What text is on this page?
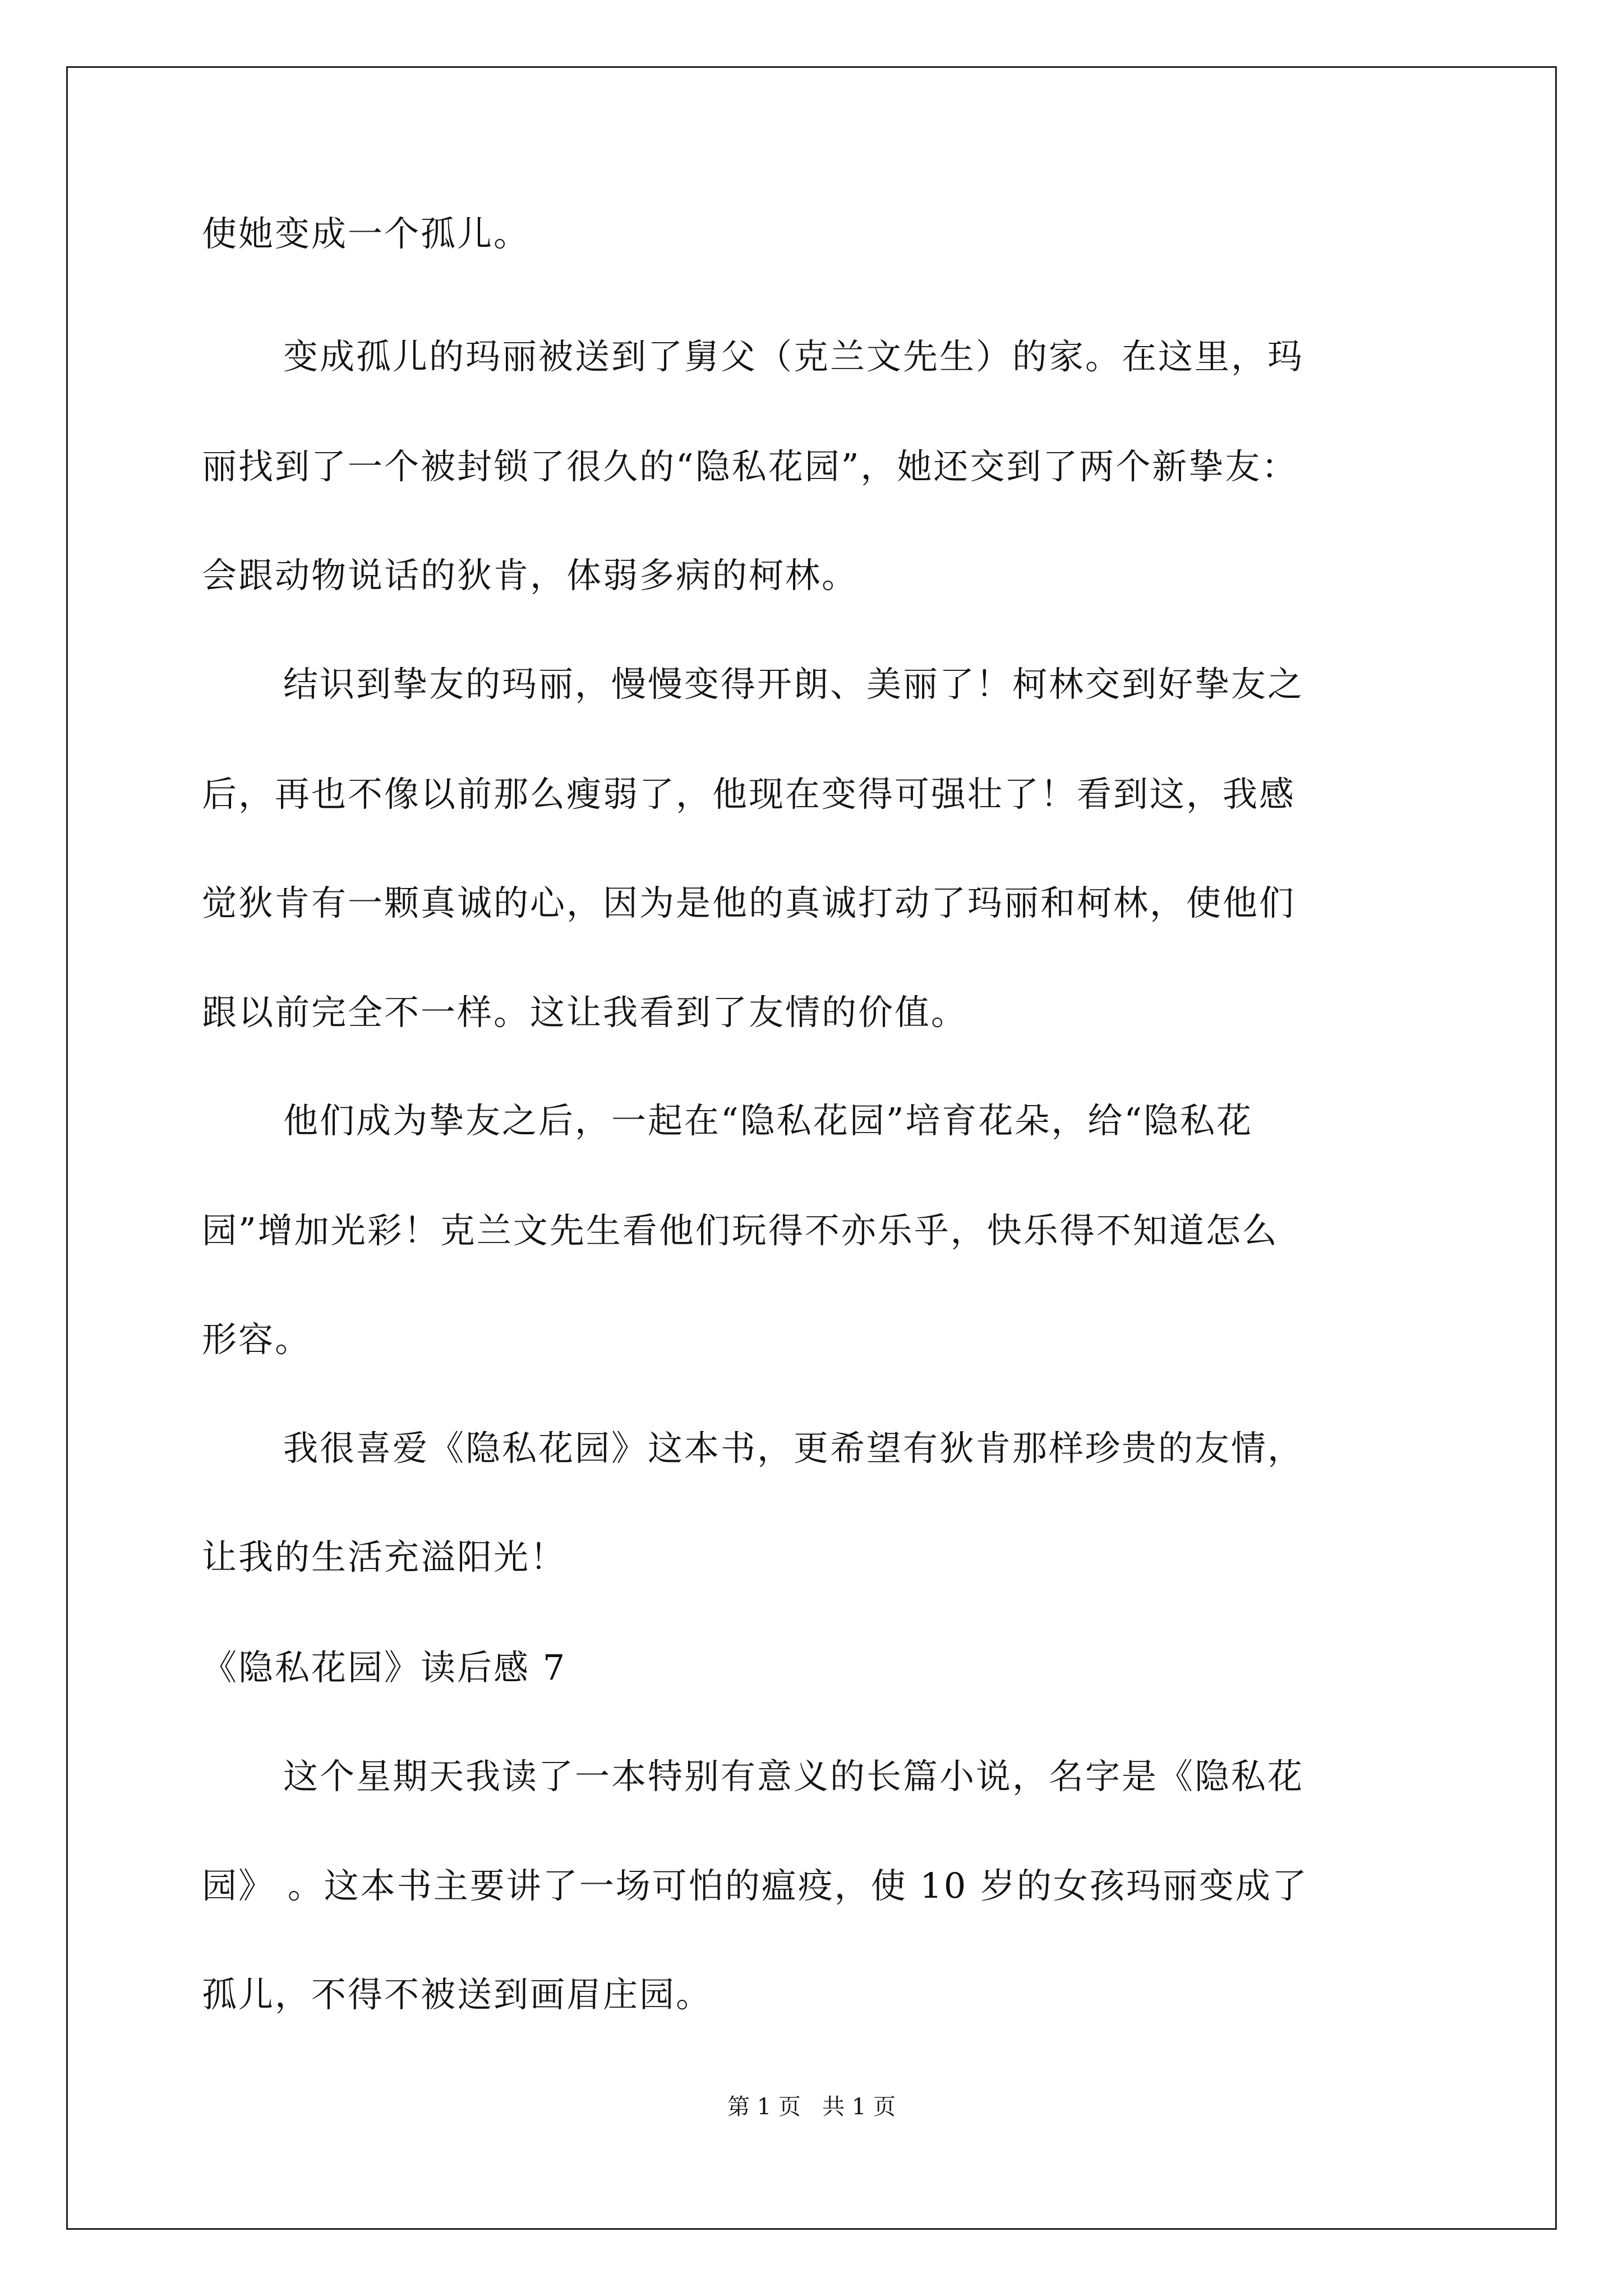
使她变成一个孤儿。
变成孤儿的玛丽被送到了舅父（克兰文先生）的家。在这里，玛
丽找到了一个被封锁了很久的“隐私花园”，她还交到了两个新挚友：
会跟动物说话的狄肯，体弱多病的柯林。
结识到挚友的玛丽，慢慢变得开朗、美丽了！柯林交到好挚友之
后，再也不像以前那么瘦弱了，他现在变得可强壮了！看到这，我感
觉狄肯有一颗真诚的心，因为是他的真诚打动了玛丽和柯林，使他们
跟以前完全不一样。这让我看到了友情的价值。
他们成为挚友之后，一起在“隐私花园”培育花朵，给“隐私花
园”增加光彩！克兰文先生看他们玩得不亦乐乎，快乐得不知道怎么
形容。
我很喜爱《隐私花园》这本书，更希望有狄肯那样珍贵的友情，
让我的生活充溢阳光！
《隐私花园》读后感 7
这个星期天我读了一本特别有意义的长篇小说，名字是《隐私花
园》 。这本书主要讲了一场可怕的瘟疫，使 10 岁的女孩玛丽变成了
孤儿，不得不被送到画眉庄园。
第 1 页   共 1 页
